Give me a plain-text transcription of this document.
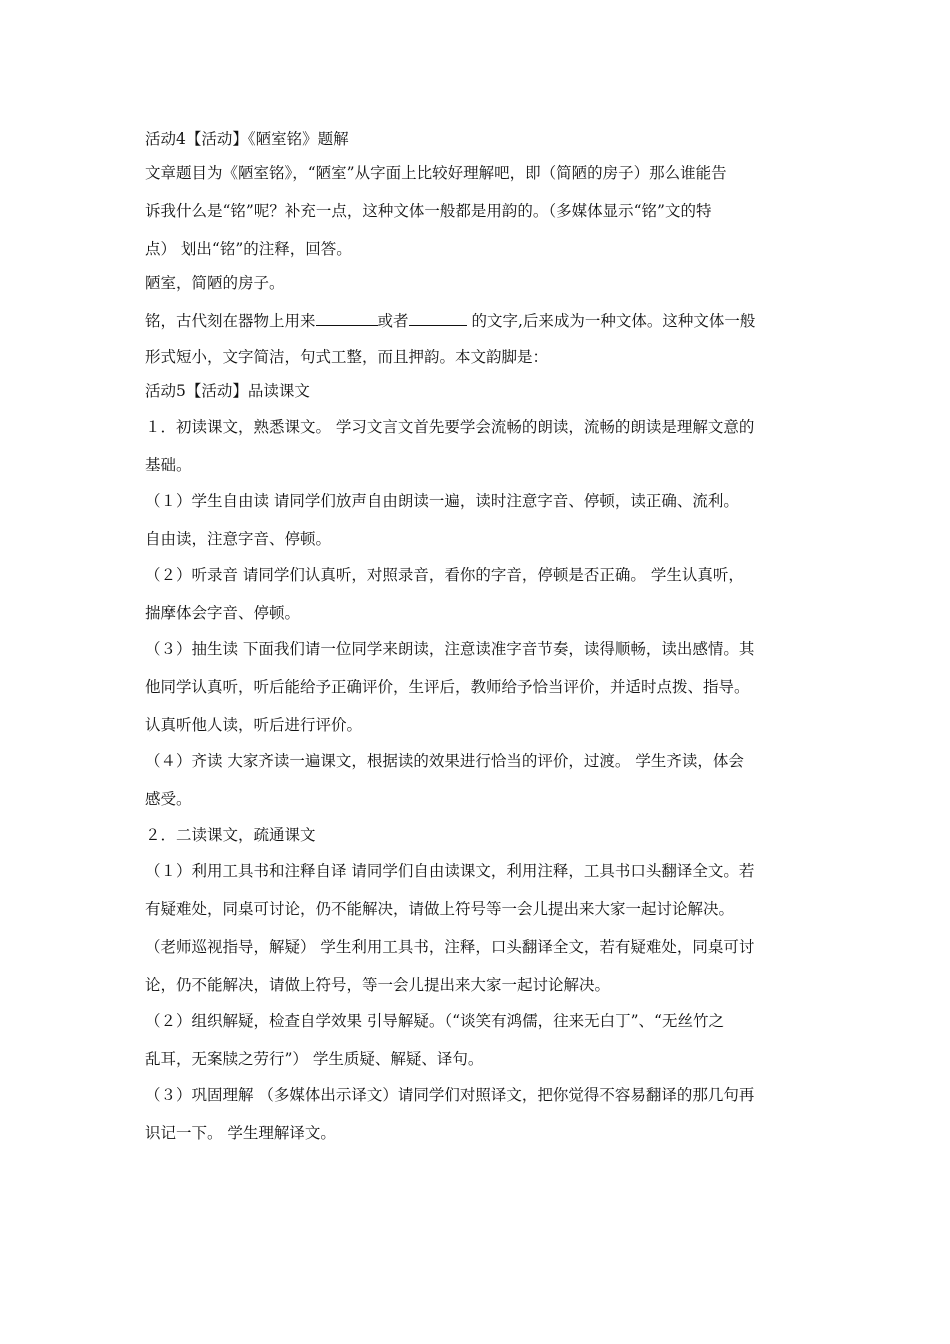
活动4【活动】《陋室铭》题解

文章题目为《陋室铭》，“陋室”从字面上比较好理解吧，即（简陋的房子）那么谁能告

诉我什么是“铭”呢？补充一点，这种文体一般都是用韵的。（多媒体显示“铭”文的特

点） 划出“铭”的注释，回答。

陋室，简陋的房子。

铭，古代刻在器物上用来	或者	的文字,后来成为一种文体。这种文体一般

形式短小，文字简洁，句式工整，而且押韵。本文韵脚是：

活动5【活动】品读课文

１．初读课文，熟悉课文。 学习文言文首先要学会流畅的朗读，流畅的朗读是理解文意的

基础。

（１）学生自由读 请同学们放声自由朗读一遍，读时注意字音、停顿，读正确、流利。

自由读，注意字音、停顿。

（２）听录音 请同学们认真听，对照录音，看你的字音，停顿是否正确。 学生认真听，

揣摩体会字音、停顿。

（３）抽生读 下面我们请一位同学来朗读，注意读准字音节奏，读得顺畅，读出感情。其

他同学认真听，听后能给予正确评价，生评后，教师给予恰当评价，并适时点拨、指导。

认真听他人读，听后进行评价。

（４）齐读 大家齐读一遍课文，根据读的效果进行恰当的评价，过渡。 学生齐读，体会

感受。

２．二读课文，疏通课文

（１）利用工具书和注释自译 请同学们自由读课文，利用注释，工具书口头翻译全文。若

有疑难处，同桌可讨论，仍不能解决，请做上符号等一会儿提出来大家一起讨论解决。

（老师巡视指导，解疑） 学生利用工具书，注释，口头翻译全文，若有疑难处，同桌可讨

论，仍不能解决，请做上符号，等一会儿提出来大家一起讨论解决。

（２）组织解疑，检查自学效果 引导解疑。（“谈笑有鸿儒，往来无白丁”、“无丝竹之

乱耳，无案牍之劳行”） 学生质疑、解疑、译句。

（３）巩固理解 （多媒体出示译文）请同学们对照译文，把你觉得不容易翻译的那几句再

识记一下。 学生理解译文。
